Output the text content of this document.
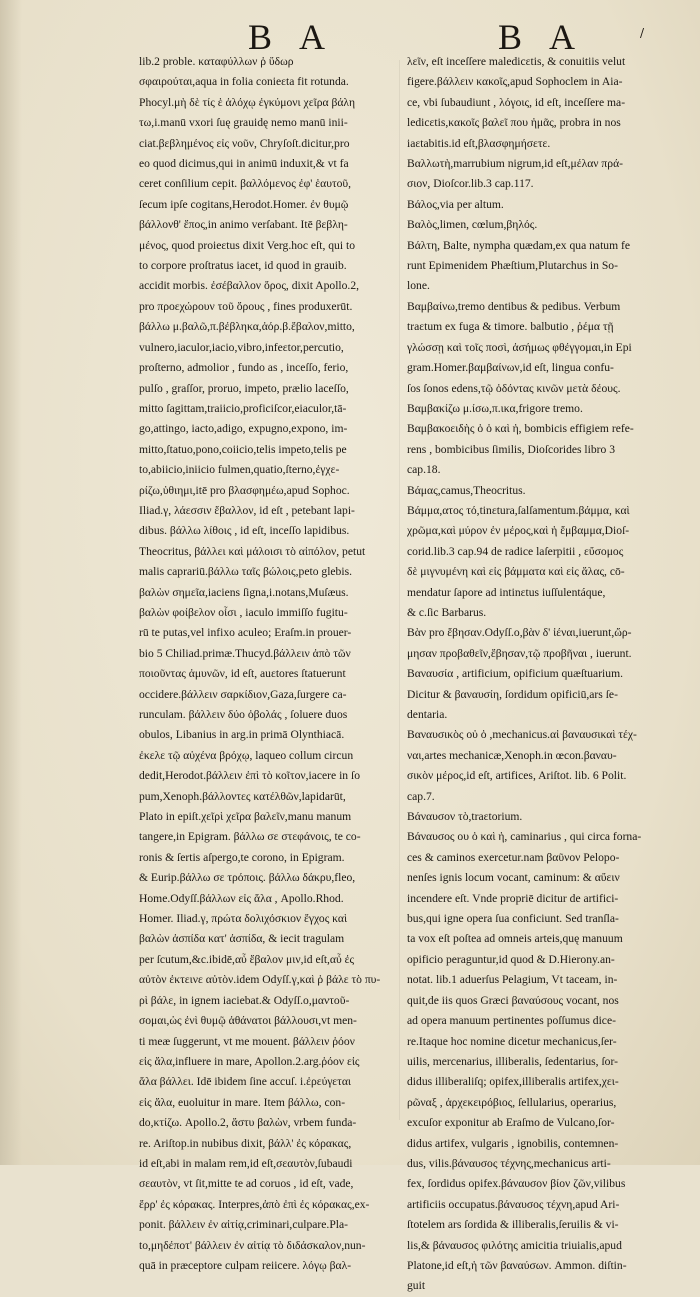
B A	B A	/
lib.2 proble. καταφύλλων ῥ ὕδωρ
σφαιρούται,aqua in folia conieɛta fit rotunda.
Phocyl.μὴ δὲ τίς ἑ ἀλόχῳ ἐγκύμονι χεῖρα βάλη
τω,i.manū vxori ſuę grauidę nemo manū inii-
ciat.βεβλημένος εἰς νοῦν, Chryſoſt.dicitur,pro
eo quod dicimus,qui in animū induxit,& vt fa
ceret conſilium cepit. βαλλόμενος ἐφ' ἑαυτοῦ,
ſecum ipſe cogitans,Herodot.Homer. ἐν θυμῷ
βάλλονθ' ἔπος,in animo verſabant. Itē βεβλη-
μένος, quod proieɛtus dixit Verg.hoc eſt, qui to
to corpore proſtratus iacet, id quod in grauib.
accidit morbis. ἐσέβαλλον ὅρος, dixit Apollo.2,
pro προεχώρουν τοῦ ὅρους , fines produxerūt.
βάλλω μ.βαλῶ,π.βέβληκα,ἀόρ.β.ἔβαλον,mitto,
vulnero,iaculor,iacio,vibro,infeɛtor,percutio,
proſterno, admolior , fundo as , inceſſo, ferio,
pulſo , graſſor, proruo, impeto, prælio laceſſo,
mitto ſagittam,traiicio,proficiſcor,eiaculor,tā-
go,attingo, iacto,adigo, expugno,expono, im-
mitto,ſtatuo,pono,coiicio,telis impeto,telis pe
to,abiicio,iniicio fulmen,quatio,ſterno,ἐγχε-
ρίζω,ὑθιημι,itē pro βλασφημέω,apud Sophoc.
Iliad.γ, λάεσσιν ἔβαλλον, id eſt , petebant lapi-
dibus. βάλλω λίθοις , id eſt, inceſſo lapidibus.
Theocritus, βάλλει καὶ μάλοισι τὸ αἰπόλον, petut
malis caprariū.βάλλω ταῖς βώλοις,peto glebis.
βαλὼν σημεῖα,iaciens ſigna,i.notans,Muſæus.
βαλὼν φοίβελον οἶσι , iaculo immiſſo fugitu-
rū te putas,vel infixo aculeo; Eraſm.in prouer-
bio 5 Chiliad.primæ.Thucyd.βάλλειν ἀπὸ τῶν
ποιοῦντας ἀμυνῶν, id eſt, auɛtores ſtatuerunt
occidere.βάλλειν σαρκίδιον,Gaza,ſurgere ca-
runculam. βάλλειν δύο ὀβολάς , ſoluere duos
obulos, Libanius in arg.in primā Olynthiacā.
ἐκελε τῷ αὐχένα βρόχῳ, laqueo collum circun
dedit,Herodot.βάλλειν ἐπὶ τὸ κοῖτον,iacere in ſo
pum,Xenoph.βάλλοντες κατέλθῶν,lapidarūt,
Plato in epiſt.χεῖρὶ χεῖρα βαλεῖν,manu manum
tangere,in Epigram. βάλλω σε στεφάνοις, te co-
ronis & ſertis aſpergo,te corono, in Epigram.
& Eurip.βάλλω σε τρόποις. βάλλω δάκρυ,fleo,
Home.Odyſſ.βάλλων εἰς ἅλα , Apollo.Rhod.
Homer. Iliad.γ, πρώτα δολιχόσκιον ἔγχος καὶ
βαλὼν ἀσπίδα κατ' ἀσπίδα, & iecit tragulam
per ſcutum,&c.ibidē,αὖ ἔβαλον μιν,id eſt,αὖ ἐς
αὐτὸν ἐκτεινε αὐτὸν.idem Odyſſ.γ,καὶ ῥ βάλε τὸ πυ-
ρὶ βάλε, in ignem iaciebat.& Odyſſ.ο,μαντοῦ-
σομαι,ὡς ἐνὶ θυμῷ ἀθάνατοι βάλλουσι,vt men-
ti meæ ſuggerunt, vt me mouent. βάλλειν ῥόον
εἰς ἅλα,influere in mare, Apollon.2.arg.ῥόον εἰς
ἅλα βάλλει. Idē ibidem ſine accuſ. i.ἐρεύγεται
εἰς ἅλα, euoluitur in mare. Item βάλλω, con-
do,κτίζω. Apollo.2, ἄστυ βαλὼν, vrbem funda-
re. Ariſtop.in nubibus dixit, βάλλ' ἐς κόρακας,
id eſt,abi in malam rem,id eſt,σεαυτὸν,ſubaudi
σεαυτὸν, vt ſit,mitte te ad coruos , id eſt, vade,
ἔρρ' ἐς κόρακας. Interpres,ἀπὸ ἐπὶ ἐς κόρακας,ex-
ponit. βάλλειν ἐν αἰτίᾳ,criminari,culpare.Pla-
to,μηδέποτ' βάλλειν ἐν αἰτίᾳ τὸ διδάσκαλον,nun-
quā in præceptore culpam reiicere. λόγῳ βαλ-
λεῖν, eſt inceſſere maledicɛtis, & conuitiis velut
figere.βάλλειν κακοῖς,apud Sophoclem in Aia-
ce, vbi ſubaudiunt , λόγοις, id eſt, inceſſere ma-
ledicɛtis,κακοῖς βαλεῖ που ἡμᾶς, probra in nos
iaɛtabitis.id eſt,βλασφημήσετε.
Βαλλωτὴ,marrubium nigrum,id eſt,μέλαν πρά-
σιον, Dioſcor.lib.3 cap.117.
Βάλος,via per altum.
Βαλὸς,limen, cœlum,βηλός.
Βάλτη, Balte, nympha quædam,ex qua natum fe
runt Epimenidem Phæſtium,Plutarchus in So-
lone.
Βαμβαίνω,tremo dentibus & pedibus. Verbum
traɛtum ex fuga & timore. balbutio , ῥέμα τῇ
γλώσσῃ καὶ τοῖς ποσὶ, ἀσήμως φθέγγομαι,in Epi
gram.Homer.βαμβαίνων,id eſt, lingua confu-
ſos ſonos edens,τῷ ὀδόντας κινῶν μετὰ δέους.
Βαμβακίζω μ.ίσω,π.ικα,frigore tremo.
Βαμβακοειδὴς ὁ ὁ καὶ ἡ, bombicis effigiem refe-
rens , bombicibus ſimilis, Dioſcorides libro 3
cap.18.
Βάμας,camus,Theocritus.
Βάμμα,ατος τό,tinɛtura,ſalſamentum.βάμμα, καὶ
χρῶμα,καὶ μύρον ἐν μέρος,καὶ ἡ ἔμβαμμα,Dioſ-
corid.lib.3 cap.94 de radice laſerpitii , εὔσομος
δὲ μιγνυμένη καὶ εἰς βάμματα καὶ εἰς ἅλας, cō-
mendatur ſapore ad intinɛtus iuſſulentáque,
& c.ſic Barbarus.
Βὰν pro ἔβησαν.Odyſſ.ο,βὰν δ' ἰέναι,iuerunt,ὤρ-
μησαν προβαθεῖν,ἔβησαν,τῷ προβῆναι , iuerunt.
Βαναυσία , artificium, opificium quæſtuarium.
Dicitur & βαναυσίη, ſordidum opificiū,ars ſe-
dentaria.
Βαναυσικὸς οὐ ὁ ,mechanicus.αἱ βαναυσικαὶ τέχ-
ναι,artes mechanicæ,Xenoph.in œcon.βαναυ-
σικὸν μέρος,id eſt, artifices, Ariſtot. lib. 6 Polit.
cap.7.
Βάναυσον τὸ,traɛtorium.
Βάναυσος ου ὁ καὶ ἡ, caminarius , qui circa forna-
ces & caminos exercetur.nam βαῦνον Pelopo-
nenſes ignis locum vocant, caminum: & αὔειν
incendere eſt. Vnde propriē dicitur de artifici-
bus,qui igne opera ſua conficiunt. Sed tranſla-
ta vox eſt poſtea ad omneis arteis,quę manuum
opificio peraguntur,id quod & D.Hierony.an-
notat. lib.1 aduerſus Pelagium, Vt taceam, in-
quit,de iis quos Græci βαναύσους vocant, nos
ad opera manuum pertinentes poſſumus dice-
re.Itaque hoc nomine dicetur mechanicus,ſer-
uilis, mercenarius, illiberalis, ſedentarius, ſor-
didus illiberaliſq; opifex,illiberalis artifex,χει-
ρῶναξ , ἀρχεκειρόβιος, ſellularius, operarius,
excuſor exponitur ab Eraſmo de Vulcano,ſor-
didus artifex, vulgaris , ignobilis, contemnen-
dus, vilis.βάναυσος τέχνης,mechanicus arti-
fex, ſordidus opifex.βάναυσον βίον ζῶν,vilibus
artificiis occupatus.βάναυσος τέχνη,apud Ari-
ſtotelem ars ſordida & illiberalis,ſeruilis & vi-
lis,& βάναυσος φιλότης amicitia triuialis,apud
Platone,id eſt,ἡ τῶν βαναύσων. Ammon. diſtin-
guit
